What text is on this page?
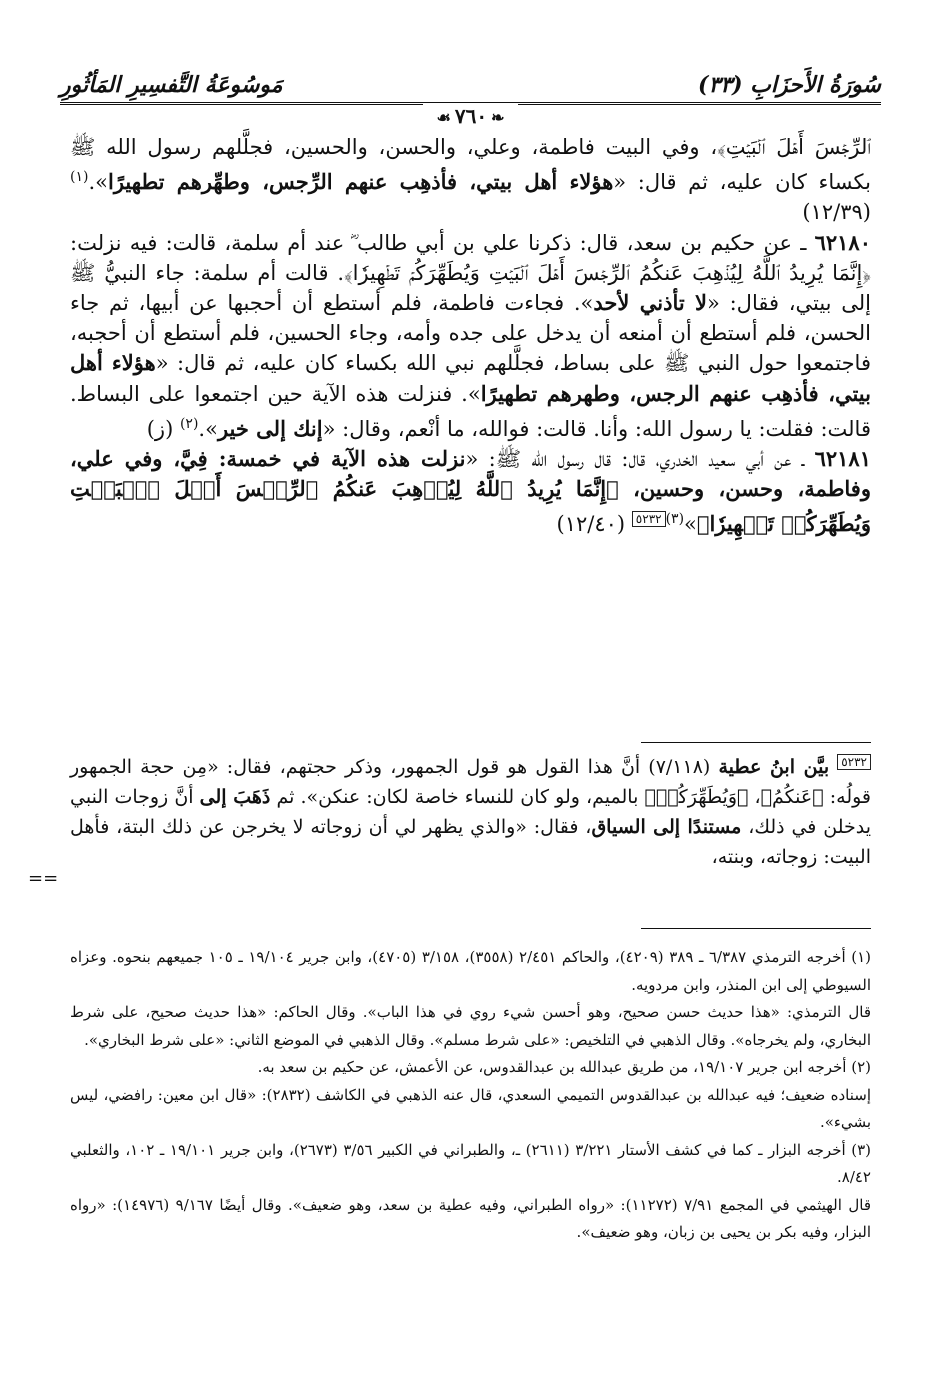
سُورَةُ الأَحزَابِ (٣٣)
مَوسُوعَةُ التَّفسِيرِ المَأثُورِ
❧٧٦٠☙

ٱلرِّجۡسَ أَهۡلَ ٱلۡبَيۡتِ﴾، وفي البيت فاطمة، وعلي، والحسن، والحسين، فجلَّلهم رسول الله ﷺ بكساء كان عليه، ثم قال: «هؤلاء أهل بيتي، فأذهِب عنهم الرِّجس، وطهِّرهم تطهيرًا».$^{(١)}$ (١٢/٣٩)

٦٢١٨٠ ـ عن حكيم بن سعد، قال: ذكرنا علي بن أبي طالب ؓ عند أم سلمة، قالت: فيه نزلت: ﴿إِنَّمَا يُرِيدُ ٱللَّهُ لِيُذۡهِبَ عَنكُمُ ٱلرِّجۡسَ أَهۡلَ ٱلۡبَيۡتِ وَيُطَهِّرَكُمۡ تَطۡهِيرٗا﴾. قالت أم سلمة: جاء النبيُّ ﷺ إلى بيتي، فقال: «لا تأذني لأحد». فجاءت فاطمة، فلم أستطع أن أحجبها عن أبيها، ثم جاء الحسن، فلم أستطع أن أمنعه أن يدخل على جده وأمه، وجاء الحسين، فلم أستطع أن أحجبه، فاجتمعوا حول النبي ﷺ على بساط، فجلَّلهم نبي الله بكساء كان عليه، ثم قال: «هؤلاء أهل بيتي، فأذهِب عنهم الرجس، وطهرهم تطهيرًا». فنزلت هذه الآية حين اجتمعوا على البساط. قالت: فقلت: يا رسول الله: وأنا. قالت: فوالله، ما أنْعم، وقال: «إنك إلى خير».$^{(٢)}$ (ز)

٦٢١٨١ ـ عن أبي سعيد الخدري، قال: قال رسول الله ﷺ: «نزلت هذه الآية في خمسة: فِيَّ، وفي علي، وفاطمة، وحسن، وحسين، ﴿إِنَّمَا يُرِيدُ ٱللَّهُ لِيُذۡهِبَ عَنكُمُ ٱلرِّجۡسَ أَهۡلَ ٱلۡبَيۡتِ وَيُطَهِّرَكُمۡ تَطۡهِيرٗا﴾»$^{(٣)}$٥٢٣٢ (١٢/٤٠)

٥٢٣٢ بيَّن ابنُ عطية (٧/١١٨) أنَّ هذا القول هو قول الجمهور، وذكر حجتهم، فقال: «مِن حجة الجمهور قولُه: ﴿عَنكُمُ﴾، ﴿وَيُطَهِّرَكُمۡ﴾ بالميم، ولو كان للنساء خاصة لكان: عنكن». ثم ذَهَبَ إلى أنَّ زوجات النبي يدخلن في ذلك، مستندًا إلى السياق، فقال: «والذي يظهر لي أن زوجاته لا يخرجن عن ذلك البتة، فأهل البيت: زوجاته، وبنته،

==

(١) أخرجه الترمذي ٦/٣٨٧ ـ ٣٨٩ (٤٢٠٩)، والحاكم ٢/٤٥١ (٣٥٥٨)، ٣/١٥٨ (٤٧٠٥)، وابن جرير ١٩/١٠٤ ـ ١٠٥ جميعهم بنحوه. وعزاه السيوطي إلى ابن المنذر، وابن مردويه.

قال الترمذي: «هذا حديث حسن صحيح، وهو أحسن شيء روي في هذا الباب». وقال الحاكم: «هذا حديث صحيح، على شرط البخاري، ولم يخرجاه». وقال الذهبي في التلخيص: «على شرط مسلم». وقال الذهبي في الموضع الثاني: «على شرط البخاري».

(٢) أخرجه ابن جرير ١٩/١٠٧، من طريق عبدالله بن عبدالقدوس، عن الأعمش، عن حكيم بن سعد به.

إسناده ضعيف؛ فيه عبدالله بن عبدالقدوس التميمي السعدي، قال عنه الذهبي في الكاشف (٢٨٣٢): «قال ابن معين: رافضي، ليس بشيء».

(٣) أخرجه البزار ـ كما في كشف الأستار ٣/٢٢١ (٢٦١١) ـ، والطبراني في الكبير ٣/٥٦ (٢٦٧٣)، وابن جرير ١٩/١٠١ ـ ١٠٢، والثعلبي ٨/٤٢.

قال الهيثمي في المجمع ٧/٩١ (١١٢٧٢): «رواه الطبراني، وفيه عطية بن سعد، وهو ضعيف». وقال أيضًا ٩/١٦٧ (١٤٩٧٦): «رواه البزار، وفيه بكر بن يحيى بن زبان، وهو ضعيف».
